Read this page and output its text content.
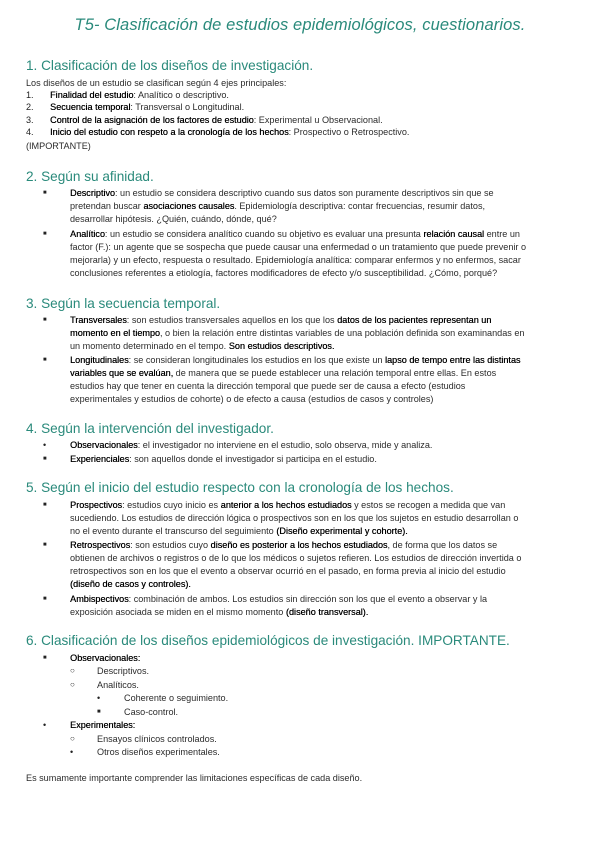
T5- Clasificación de estudios epidemiológicos, cuestionarios.
1. Clasificación de los diseños de investigación.
Los diseños de un estudio se clasifican según 4 ejes principales:
1. Finalidad del estudio: Analítico o descriptivo.
2. Secuencia temporal: Transversal o Longitudinal.
3. Control de la asignación de los factores de estudio: Experimental u Observacional.
4. Inicio del estudio con respeto a la cronología de los hechos: Prospectivo o Retrospectivo.
(IMPORTANTE)
2. Según su afinidad.
■	Descriptivo: un estudio se considera descriptivo cuando sus datos son puramente descriptivos sin que se
pretendan buscar asociaciones causales. Epidemiología descriptiva: contar frecuencias, resumir datos,
desarrollar hipótesis. ¿Quién, cuándo, dónde, qué?
■	Analítico: un estudio se considera analítico cuando su objetivo es evaluar una presunta relación causal entre un
factor (F.): un agente que se sospecha que puede causar una enfermedad o un tratamiento que puede prevenir o
mejorarla) y un efecto, respuesta o resultado. Epidemiología analítica: comparar enfermos y no enfermos, sacar
conclusiones referentes a etiología, factores modificadores de efecto y/o susceptibilidad. ¿Cómo, porqué?
3. Según la secuencia temporal.
■	Transversales: son estudios transversales aquellos en los que los datos de los pacientes representan un
momento en el tiempo, o bien la relación entre distintas variables de una población definida son examinandas en
un momento determinado en el tempo. Son estudios descriptivos.
■	Longitudinales: se consideran longitudinales los estudios en los que existe un lapso de tempo entre las distintas
variables que se evalúan, de manera que se puede establecer una relación temporal entre ellas. En estos
estudios hay que tener en cuenta la dirección temporal que puede ser de causa a efecto (estudios
experimentales y estudios de cohorte) o de efecto a causa (estudios de casos y controles)
4. Según la intervención del investigador.
•	Observacionales: el investigador no interviene en el estudio, solo observa, mide y analiza.
■	Experienciales: son aquellos donde el investigador si participa en el estudio.
5. Según el inicio del estudio respecto con la cronología de los hechos.
■	Prospectivos: estudios cuyo inicio es anterior a los hechos estudiados y estos se recogen a medida que van
sucediendo. Los estudios de dirección lógica o prospectivos son en los que los sujetos en estudio desarrollan o
no el evento durante el transcurso del seguimiento (Diseño experimental y cohorte).
■	Retrospectivos: son estudios cuyo diseño es posterior a los hechos estudiados, de forma que los datos se
obtienen de archivos o registros o de lo que los médicos o sujetos refieren. Los estudios de dirección invertida o
retrospectivos son en los que el evento a observar ocurrió en el pasado, en forma previa al inicio del estudio
(diseño de casos y controles).
■	Ambispectivos: combinación de ambos. Los estudios sin dirección son los que el evento a observar y la
exposición asociada se miden en el mismo momento (diseño transversal).
6. Clasificación de los diseños epidemiológicos de investigación. IMPORTANTE.
■	Observacionales:
○ Descriptivos.
○ Analíticos.
•	Coherente o seguimiento.
■	Caso-control.
•	Experimentales:
○ Ensayos clínicos controlados.
•	Otros diseños experimentales.
Es sumamente importante comprender las limitaciones específicas de cada diseño.
